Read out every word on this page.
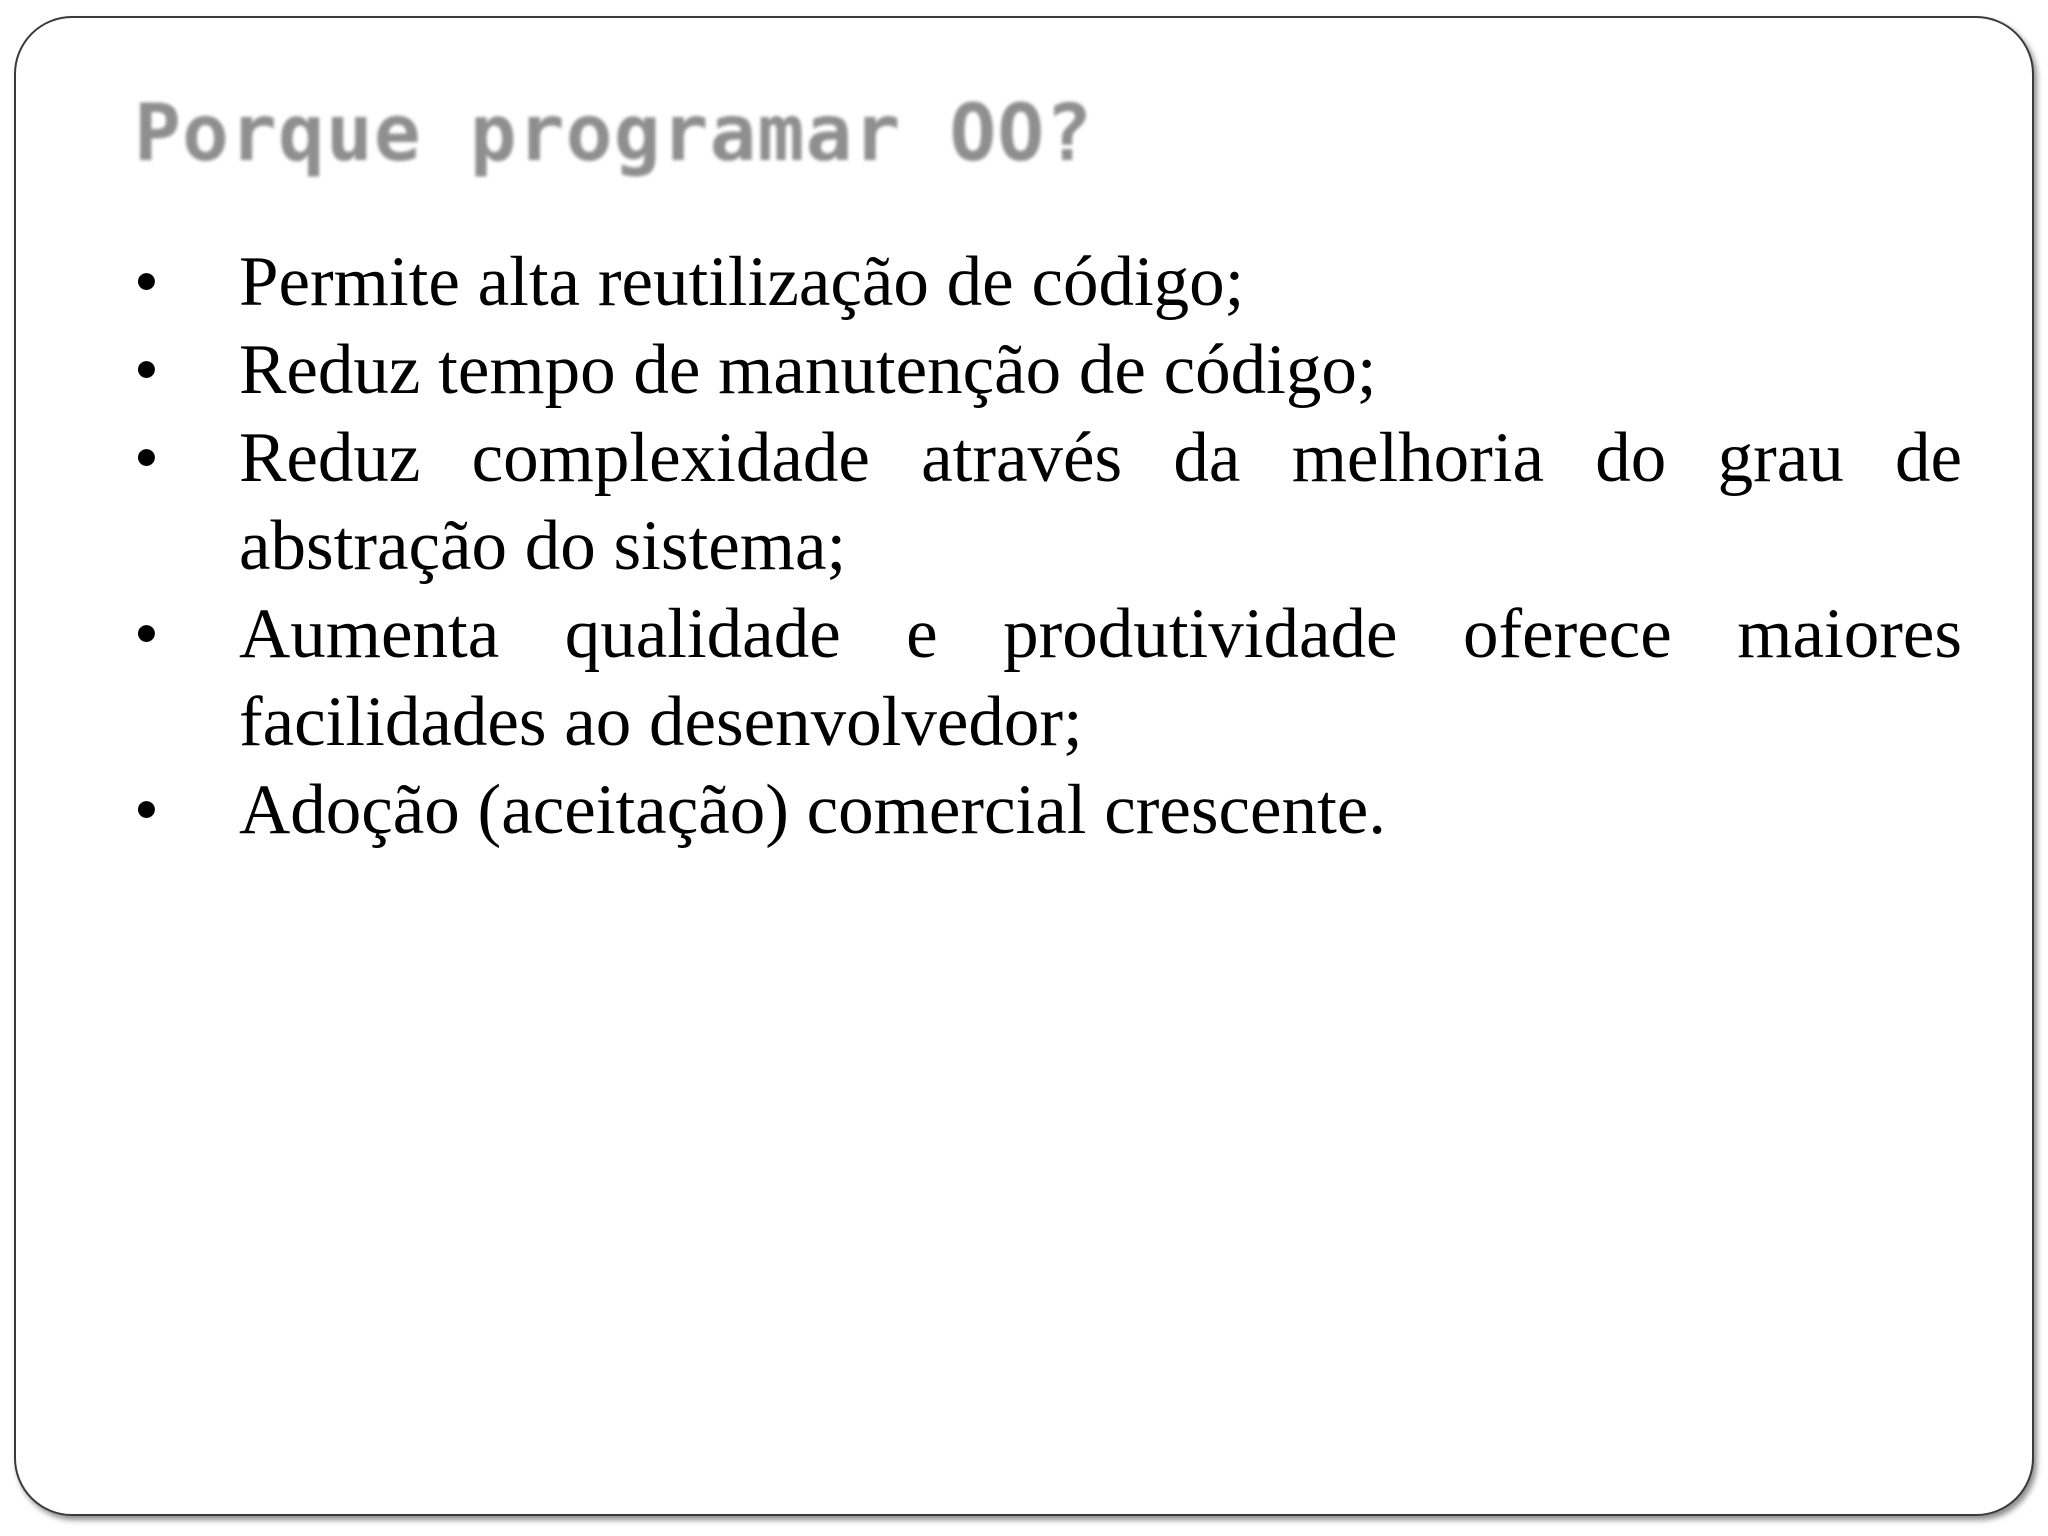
Porque programar OO?
• Permite alta reutilização de código;
• Reduz tempo de manutenção de código;
• Reduz complexidade através da melhoria do grau de abstração do sistema;
• Aumenta qualidade e produtividade oferece maiores facilidades ao desenvolvedor;
• Adoção (aceitação) comercial crescente.
